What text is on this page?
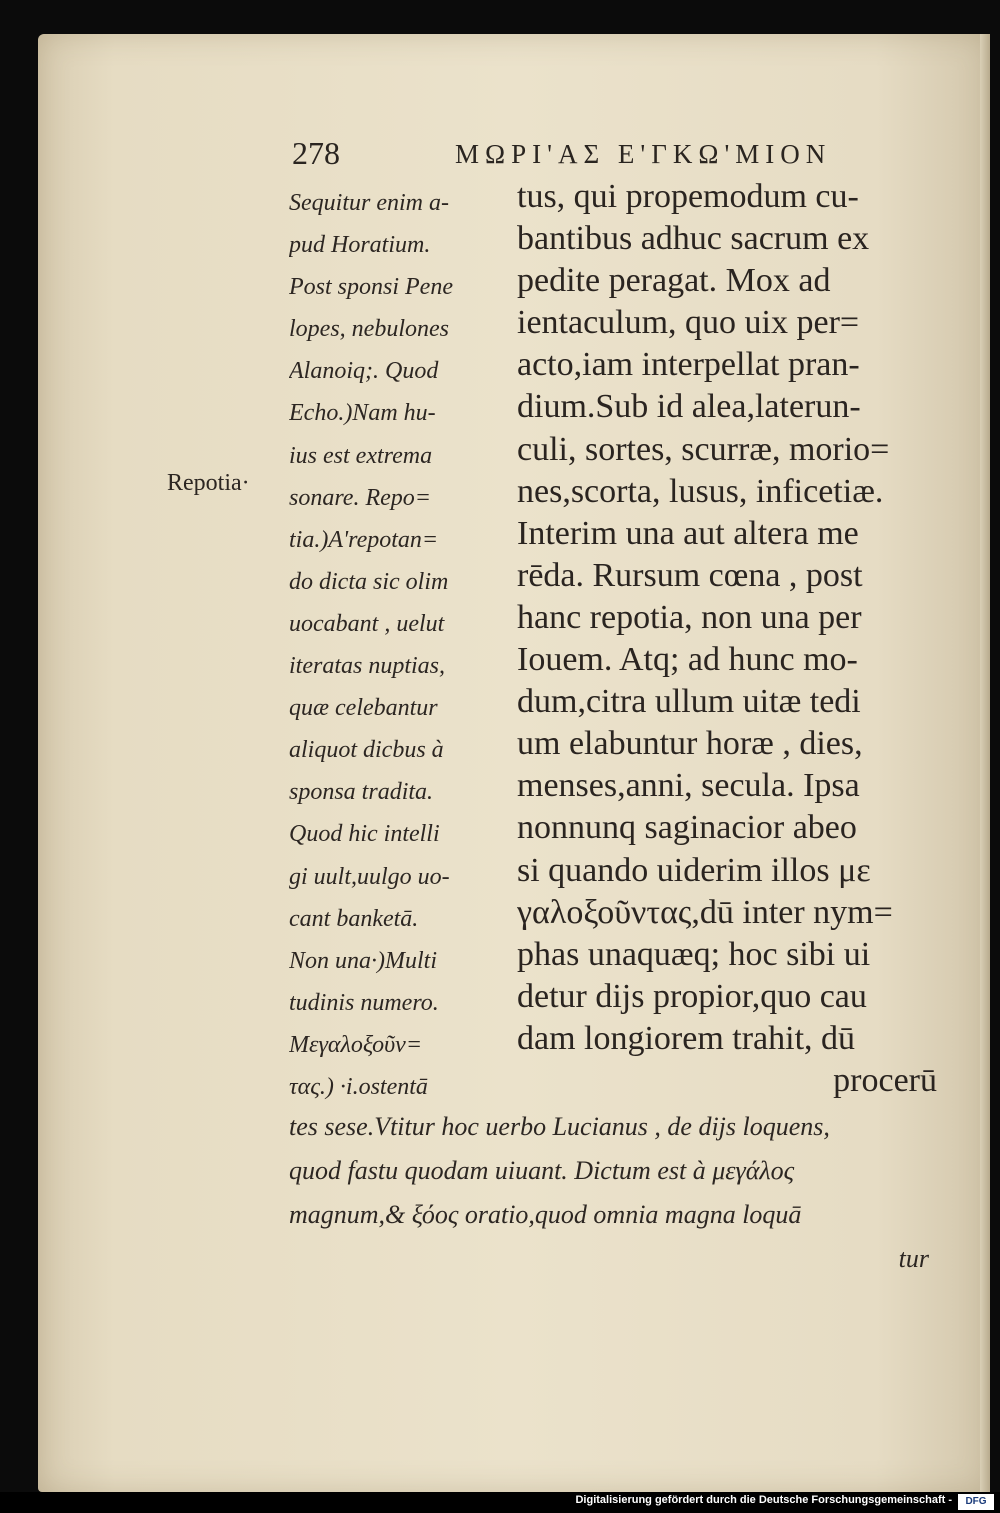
278	ΜΩΡΙ'ΑΣ Ε'ΓΚΩ'ΜΙΟΝ
Repotia·
Sequitur enim a-
pud Horatium.
Post sponsi Pene
lopes, nebulones
Alanoiq;. Quod
Echo.)Nam hu-
ius est extrema
sonare. Repo=
tia.)A'repotan=
do dicta sic olim
uocabant , uelut
iteratas nuptias,
quæ celebantur
aliquot dicbus à
sponsa tradita.
Quod hic intelli
gi uult,uulgo uo-
cant banketā.
Non una·)Multi
tudinis numero.
Μεγαλοξοῦν=
τας.) ·i.ostentā
tus, qui propemodum cu-
bantibus adhuc sacrum ex
pedite peragat. Mox ad
ientaculum, quo uix per=
acto,iam interpellat pran-
dium.Sub id alea,laterun-
culi, sortes, scurræ, morio=
nes,scorta, lusus, inficetiæ.
Interim una aut altera me
rēda. Rursum cœna , post
hanc repotia, non una per
Iouem. Atq; ad hunc mo-
dum,citra ullum uitæ tedi
um elabuntur horæ , dies,
menses,anni, secula. Ipsa
nonnunq saginacior abeo
si quando uiderim illos με
γαλοξοῦντας,dū inter nym=
phas unaquæq; hoc sibi ui
detur dijs propior,quo cau
dam longiorem trahit, dū
procerū
tes sese.Vtitur hoc uerbo Lucianus , de dijs loquens,
quod fastu quodam uiuant. Dictum est à μεγάλος
magnum,& ξόος oratio,quod omnia magna loquā
tur
Digitalisierung gefördert durch die Deutsche Forschungsgemeinschaft -	DFG
